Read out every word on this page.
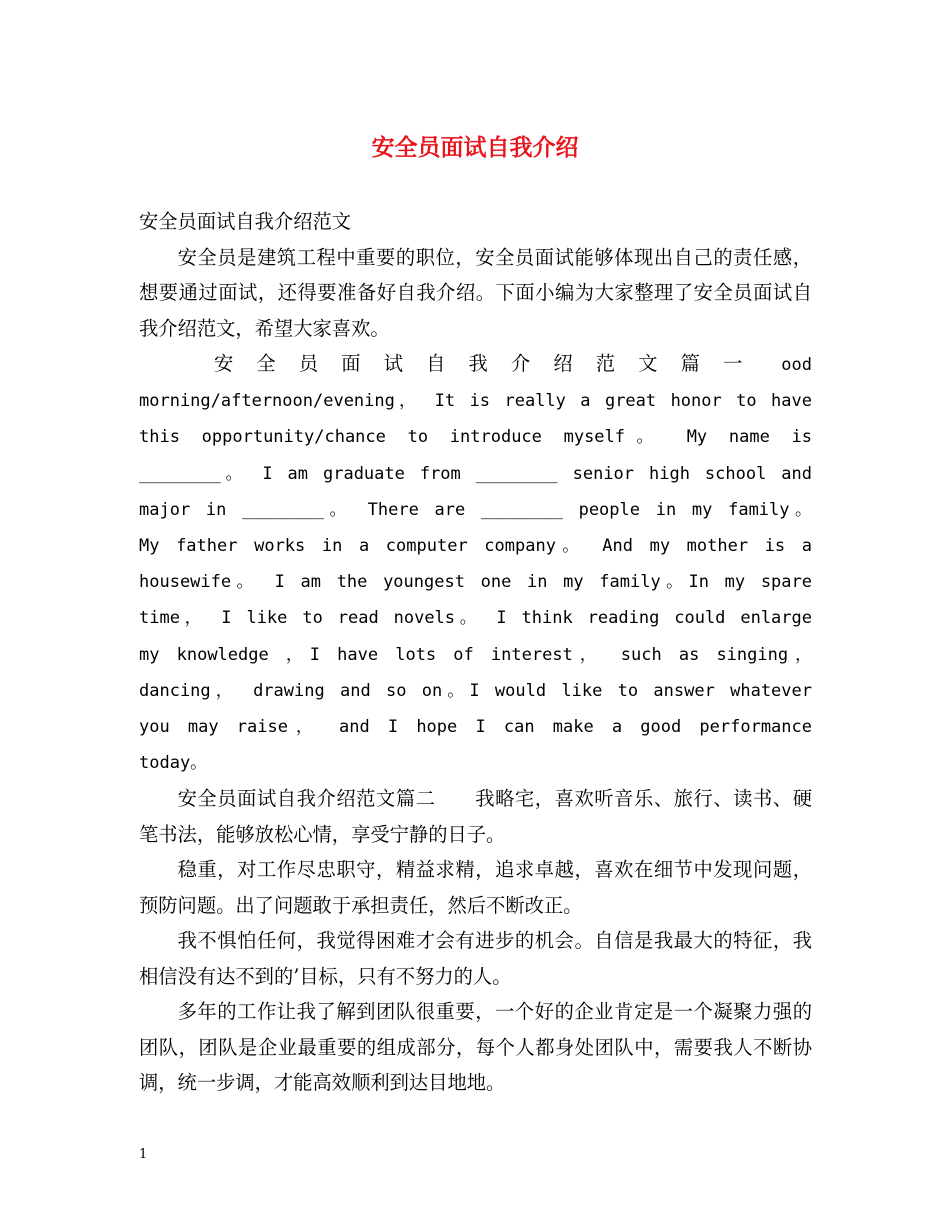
安全员面试自我介绍

安全员面试自我介绍范文

安全员是建筑工程中重要的职位，安全员面试能够体现出自己的责任感，想要通过面试，还得要准备好自我介绍。下面小编为大家整理了安全员面试自我介绍范文，希望大家喜欢。

安全员面试自我介绍范文篇一 ood

morning/afternoon/evening， It is really a great honor to have

this opportunity/chance to introduce myself。 My name is

________。 I am graduate from ________ senior high school and

major in ________。 There are ________ people in my family。

My father works in a computer company。 And my mother is a

housewife。 I am the youngest one in my family。In my spare

time， I like to read novels。 I think reading could enlarge

my knowledge ，I have lots of interest， such as singing，

dancing， drawing and so on。I would like to answer whatever

you may raise， and I hope I can make a good performance

today。

安全员面试自我介绍范文篇二　　我略宅，喜欢听音乐、旅行、读书、硬笔书法，能够放松心情，享受宁静的日子。

稳重，对工作尽忠职守，精益求精，追求卓越，喜欢在细节中发现问题，预防问题。出了问题敢于承担责任，然后不断改正。

我不惧怕任何，我觉得困难才会有进步的机会。自信是我最大的特征，我相信没有达不到的’目标，只有不努力的人。

多年的工作让我了解到团队很重要，一个好的企业肯定是一个凝聚力强的团队，团队是企业最重要的组成部分，每个人都身处团队中，需要我人不断协调，统一步调，才能高效顺利到达目地地。

1
